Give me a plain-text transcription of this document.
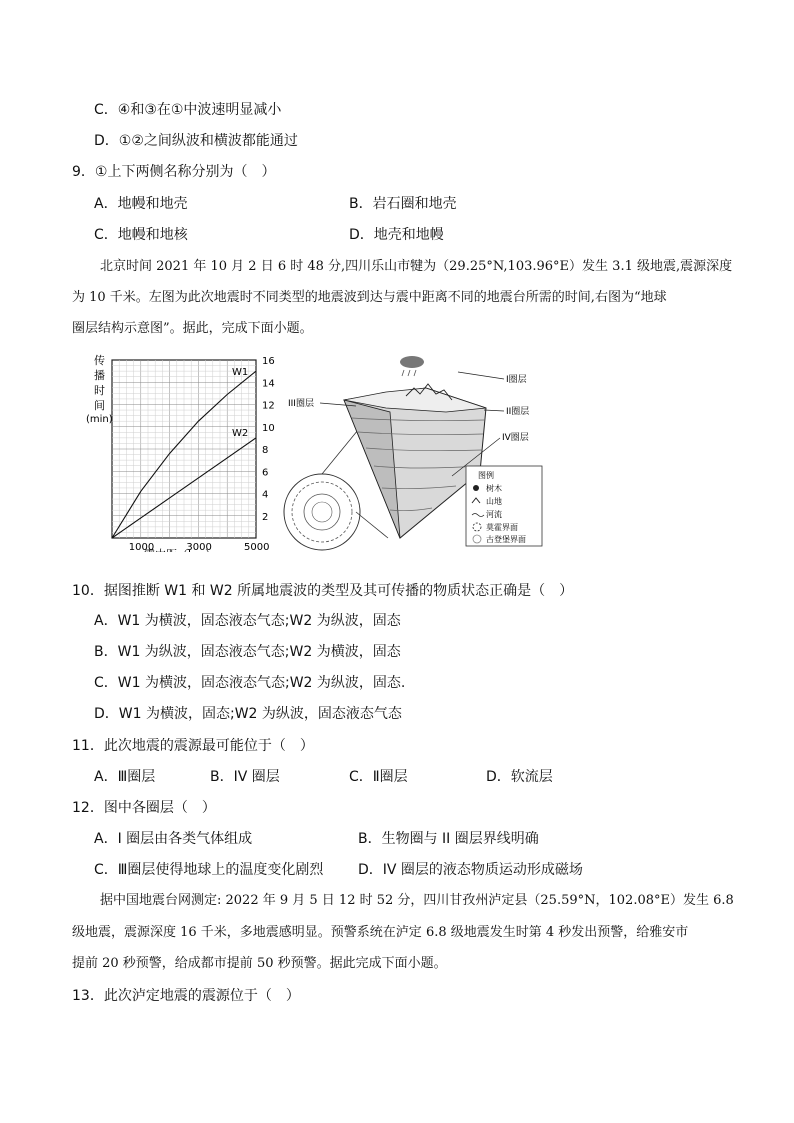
C．④和③在①中波速明显减小
D．①②之间纵波和横波都能通过
9．①上下两侧名称分别为（　）
A．地幔和地壳	B．岩石圈和地壳
C．地幔和地核	D．地壳和地幔
北京时间 2021 年 10 月 2 日 6 时 48 分,四川乐山市犍为（29.25°N,103.96°E）发生 3.1 级地震,震源深度
为 10 千米。左图为此次地震时不同类型的地震波到达与震中距离不同的地震台所需的时间,右图为“地球
圈层结构示意图”。据此，完成下面小题。
传
播
时
间
(min)
2
4
6
8
10
12
14
16
1000	3000	5000
W1
W2
III圈层
I圈层
II圈层
IV圈层
图例
树木
山地
河流
莫霍界面
古登堡界面
10．据图推断 W1 和 W2 所属地震波的类型及其可传播的物质状态正确是（　）
A．W1 为横波，固态液态气态;W2 为纵波，固态
B．W1 为纵波，固态液态气态;W2 为横波，固态
C．W1 为横波，固态液态气态;W2 为纵波，固态.
D．W1 为横波，固态;W2 为纵波，固态液态气态
11．此次地震的震源最可能位于（　）
A．Ⅲ圈层	B．IV 圈层	C．Ⅱ圈层	D．软流层
12．图中各圈层（　）
A．I 圈层由各类气体组成	B．生物圈与 II 圈层界线明确
C．Ⅲ圈层使得地球上的温度变化剧烈 D．IV 圈层的液态物质运动形成磁场
据中国地震台网测定: 2022 年 9 月 5 日 12 时 52 分，四川甘孜州泸定县（25.59°N，102.08°E）发生 6.8
级地震，震源深度 16 千米，多地震感明显。预警系统在泸定 6.8 级地震发生时第 4 秒发出预警，给雅安市
提前 20 秒预警，给成都市提前 50 秒预警。据此完成下面小题。
13．此次泸定地震的震源位于（　）
